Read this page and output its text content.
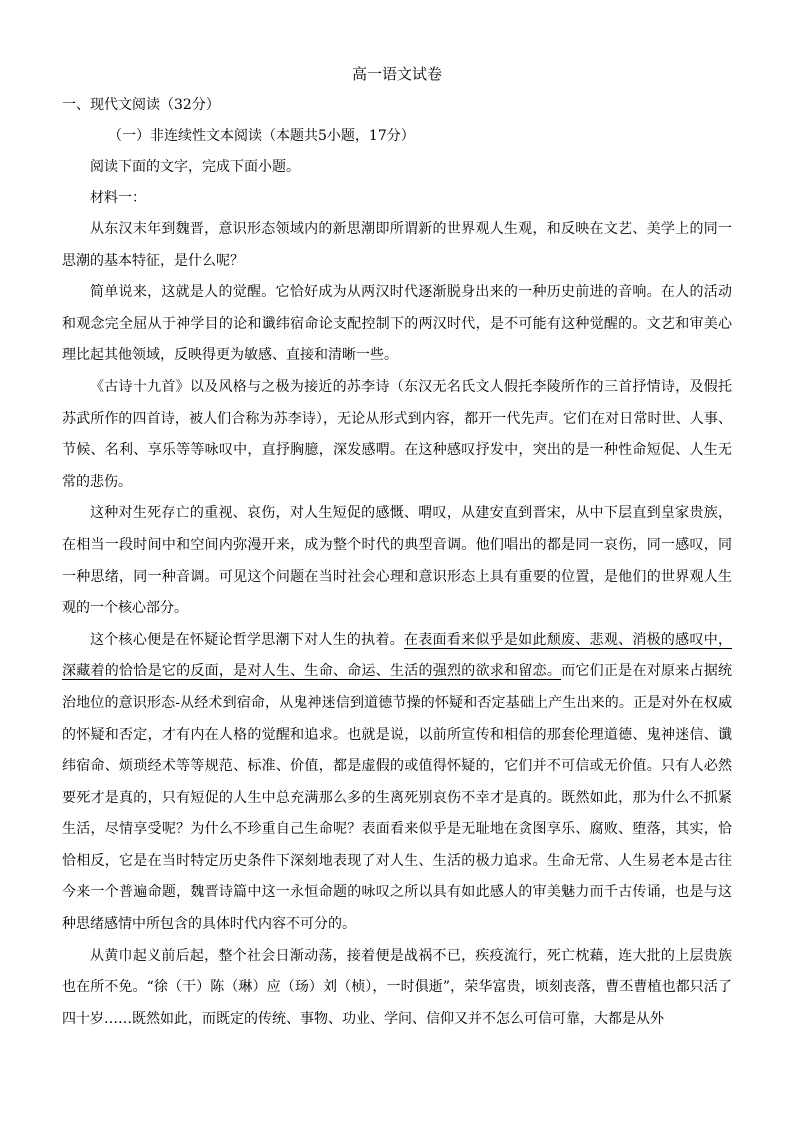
高一语文试卷
一、现代文阅读（32分）
（一）非连续性文本阅读（本题共5小题，17分）
阅读下面的文字，完成下面小题。
材料一：

从东汉末年到魏晋，意识形态领域内的新思潮即所谓新的世界观人生观，和反映在文艺、美学上的同一思潮的基本特征，是什么呢？

简单说来，这就是人的觉醒。它恰好成为从两汉时代逐渐脱身出来的一种历史前进的音响。在人的活动和观念完全屈从于神学目的论和谶纬宿命论支配控制下的两汉时代，是不可能有这种觉醒的。文艺和审美心理比起其他领域，反映得更为敏感、直接和清晰一些。

《古诗十九首》以及风格与之极为接近的苏李诗（东汉无名氏文人假托李陵所作的三首抒情诗，及假托苏武所作的四首诗，被人们合称为苏李诗），无论从形式到内容，都开一代先声。它们在对日常时世、人事、节候、名利、享乐等等咏叹中，直抒胸臆，深发感喟。在这种感叹抒发中，突出的是一种性命短促、人生无常的悲伤。

这种对生死存亡的重视、哀伤，对人生短促的感慨、喟叹，从建安直到晋宋，从中下层直到皇家贵族，在相当一段时间中和空间内弥漫开来，成为整个时代的典型音调。他们唱出的都是同一哀伤，同一感叹，同一种思绪，同一种音调。可见这个问题在当时社会心理和意识形态上具有重要的位置，是他们的世界观人生观的一个核心部分。

这个核心便是在怀疑论哲学思潮下对人生的执着。在表面看来似乎是如此颓废、悲观、消极的感叹中，深藏着的恰恰是它的反面，是对人生、生命、命运、生活的强烈的欲求和留恋。而它们正是在对原来占据统治地位的意识形态-从经术到宿命，从鬼神迷信到道德节操的怀疑和否定基础上产生出来的。正是对外在权威的怀疑和否定，才有内在人格的觉醒和追求。也就是说，以前所宣传和相信的那套伦理道德、鬼神迷信、谶纬宿命、烦琐经术等等规范、标准、价值，都是虚假的或值得怀疑的，它们并不可信或无价值。只有人必然要死才是真的，只有短促的人生中总充满那么多的生离死别哀伤不幸才是真的。既然如此，那为什么不抓紧生活，尽情享受呢？为什么不珍重自己生命呢？表面看来似乎是无耻地在贪图享乐、腐败、堕落，其实，恰恰相反，它是在当时特定历史条件下深刻地表现了对人生、生活的极力追求。生命无常、人生易老本是古往今来一个普遍命题，魏晋诗篇中这一永恒命题的咏叹之所以具有如此感人的审美魅力而千古传诵，也是与这种思绪感情中所包含的具体时代内容不可分的。

从黄巾起义前后起，整个社会日渐动荡，接着便是战祸不已，疾疫流行，死亡枕藉，连大批的上层贵族也在所不免。“徐（干）陈（琳）应（玚）刘（桢），一时俱逝”，荣华富贵，顷刻丧落，曹丕曹植也都只活了四十岁……既然如此，而既定的传统、事物、功业、学问、信仰又并不怎么可信可靠，大都是从外
